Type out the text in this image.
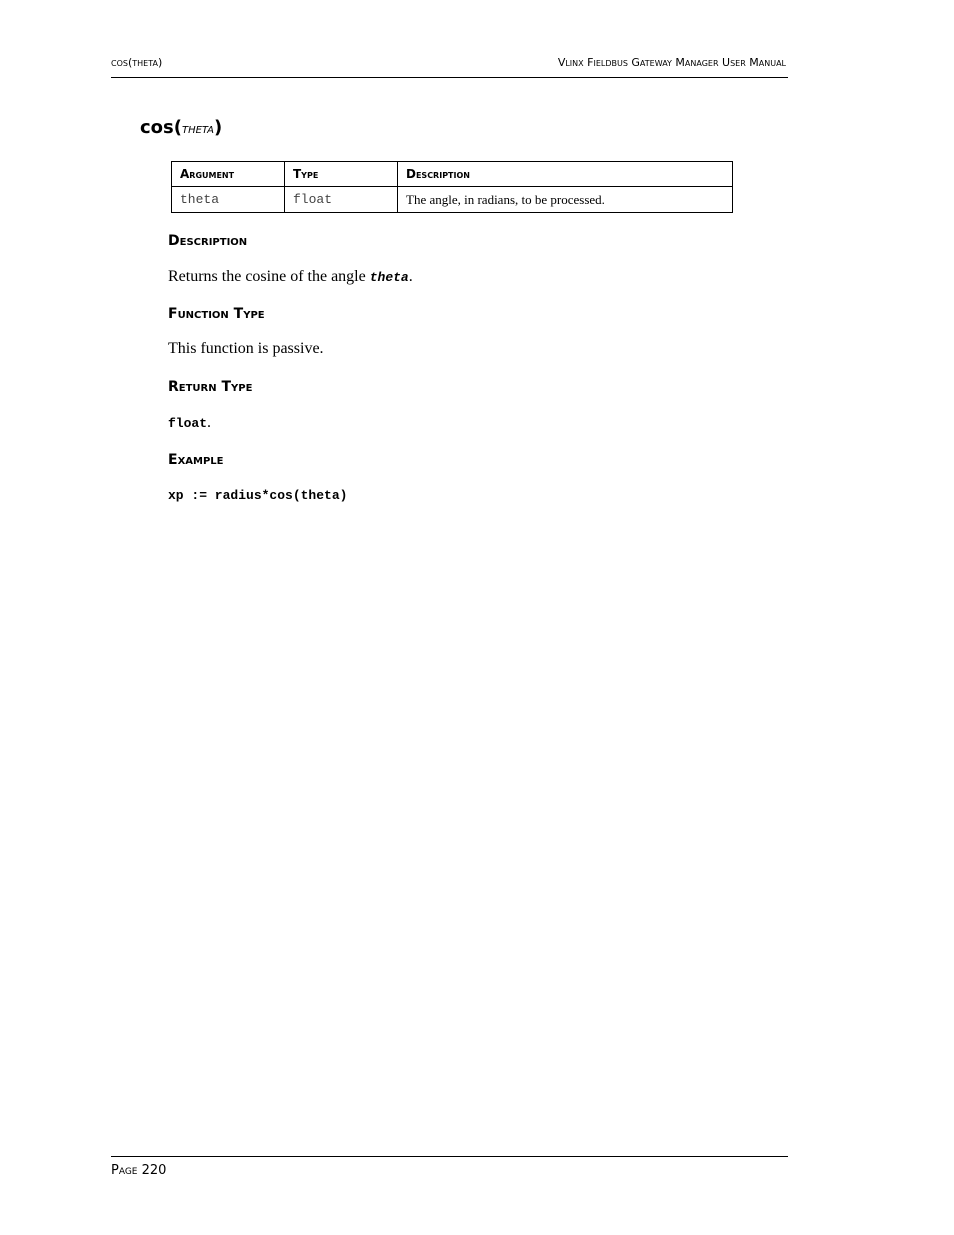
cos(theta)	Vlinx Fieldbus Gateway Manager User Manual
cos(theta)
Argument	Type	Description
theta	float	The angle, in radians, to be processed.
Description

Returns the cosine of the angle theta.

Function Type

This function is passive.

Return Type

float.

Example

xp := radius*cos(theta)

Page 220
